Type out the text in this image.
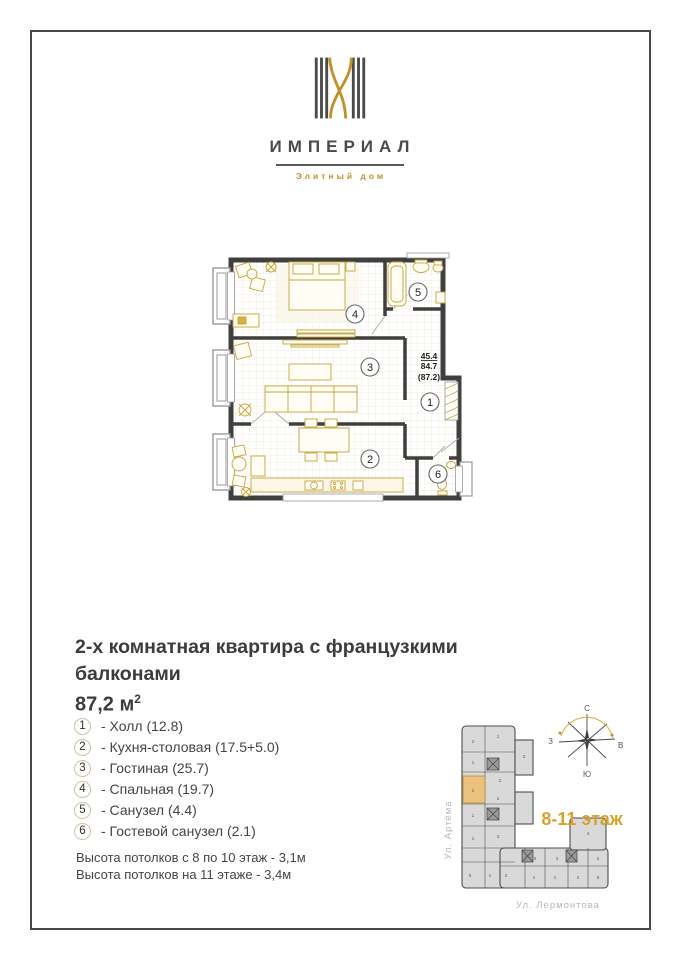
ИМПЕРИАЛ
Элитный дом
45.4
84.7
(87.2)
1
2
3
4
5
6
2-х комнатная квартира с французкими
балконами
87,2 $м^2$
1	- Холл (12.8)
2	- Кухня-столовая (17.5+5.0)
3	- Гостиная (25.7)
4	- Спальная (19.7)
5	- Санузел (4.4)
6	- Гостевой санузел (2.1)
Высота потолков с 8 по 10 этаж - 3,1м
Высота потолков на 11 этаже - 3,4м
2
1
1
2
3
2
1
2
3
1
5	1	2
3	3
4
2
1	1	2	5
С
Ю
З	В
8-11 этаж
Ул. Артёма
Ул. Лермонтова
